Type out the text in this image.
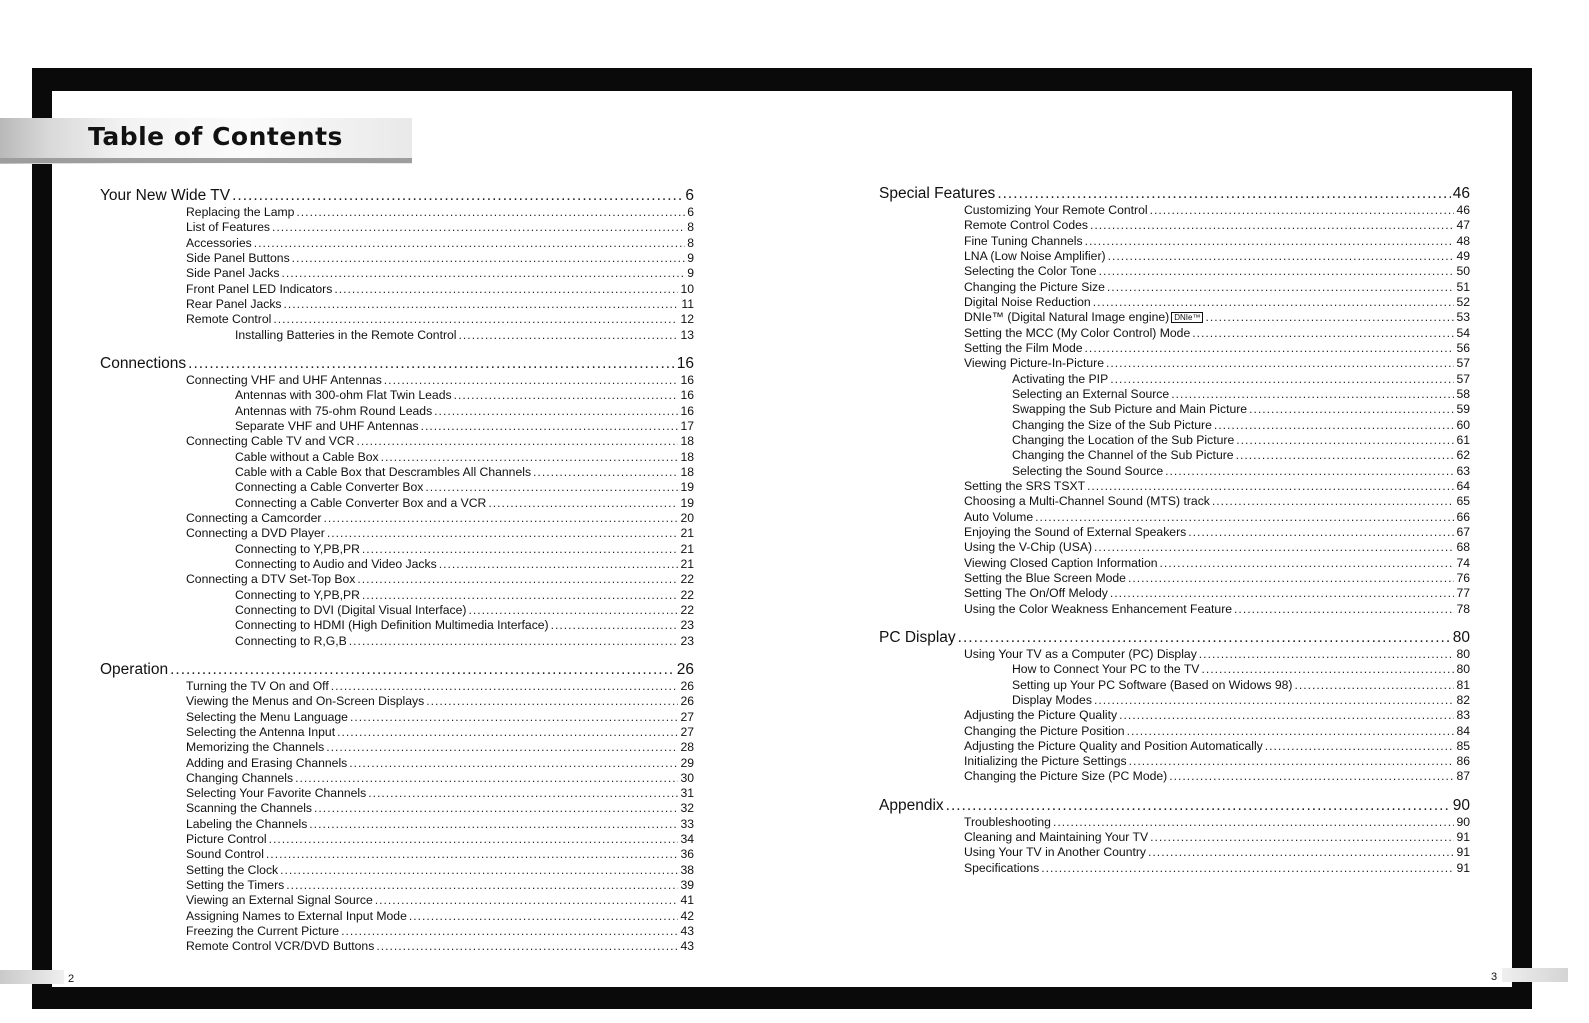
Table of Contents
Your New Wide TV .....	6
Replacing the Lamp .....	6
List of Features .....	8
Accessories .....	8
Side Panel Buttons .....	9
Side Panel Jacks .....	9
Front Panel LED Indicators .....	10
Rear Panel Jacks .....	11
Remote Control .....	12
Installing Batteries in the Remote Control .....	13
Connections .....	16
Connecting VHF and UHF Antennas .....	16
Antennas with 300-ohm Flat Twin Leads .....	16
Antennas with 75-ohm Round Leads .....	16
Separate VHF and UHF Antennas .....	17
Connecting Cable TV and VCR .....	18
Cable without a Cable Box .....	18
Cable with a Cable Box that Descrambles All Channels .....	18
Connecting a Cable Converter Box .....	19
Connecting a Cable Converter Box and a VCR .....	19
Connecting a Camcorder .....	20
Connecting a DVD Player .....	21
Connecting to Y,PB,PR .....	21
Connecting to Audio and Video Jacks .....	21
Connecting a DTV Set-Top Box .....	22
Connecting to Y,PB,PR .....	22
Connecting to DVI (Digital Visual Interface) .....	22
Connecting to HDMI (High Definition Multimedia Interface) .....	23
Connecting to R,G,B .....	23
Operation .....	26
Turning the TV On and Off .....	26
Viewing the Menus and On-Screen Displays .....	26
Selecting the Menu Language .....	27
Selecting the Antenna Input .....	27
Memorizing the Channels .....	28
Adding and Erasing Channels .....	29
Changing Channels .....	30
Selecting Your Favorite Channels .....	31
Scanning the Channels .....	32
Labeling the Channels .....	33
Picture Control .....	34
Sound Control .....	36
Setting the Clock .....	38
Setting the Timers .....	39
Viewing an External Signal Source .....	41
Assigning Names to External Input Mode .....	42
Freezing the Current Picture .....	43
Remote Control VCR/DVD Buttons .....	43
Special Features .....	46
Customizing Your Remote Control .....	46
Remote Control Codes .....	47
Fine Tuning Channels .....	48
LNA (Low Noise Amplifier) .....	49
Selecting the Color Tone .....	50
Changing the Picture Size .....	51
Digital Noise Reduction .....	52
DNIe™ (Digital Natural Image engine) DNIe™ .....	53
Setting the MCC (My Color Control) Mode .....	54
Setting the Film Mode .....	56
Viewing Picture-In-Picture .....	57
Activating the PIP .....	57
Selecting an External Source .....	58
Swapping the Sub Picture and Main Picture .....	59
Changing the Size of the Sub Picture .....	60
Changing the Location of the Sub Picture .....	61
Changing the Channel of the Sub Picture .....	62
Selecting the Sound Source .....	63
Setting the SRS TSXT .....	64
Choosing a Multi-Channel Sound (MTS) track .....	65
Auto Volume .....	66
Enjoying the Sound of External Speakers .....	67
Using the V-Chip (USA) .....	68
Viewing Closed Caption Information .....	74
Setting the Blue Screen Mode .....	76
Setting The On/Off Melody .....	77
Using the Color Weakness Enhancement Feature .....	78
PC Display .....	80
Using Your TV as a Computer (PC) Display .....	80
How to Connect Your PC to the TV .....	80
Setting up Your PC Software (Based on Widows 98) .....	81
Display Modes .....	82
Adjusting the Picture Quality .....	83
Changing the Picture Position .....	84
Adjusting the Picture Quality and Position Automatically .....	85
Initializing the Picture Settings .....	86
Changing the Picture Size (PC Mode) .....	87
Appendix .....	90
Troubleshooting .....	90
Cleaning and Maintaining Your TV .....	91
Using Your TV in Another Country .....	91
Specifications .....	91
2	3
